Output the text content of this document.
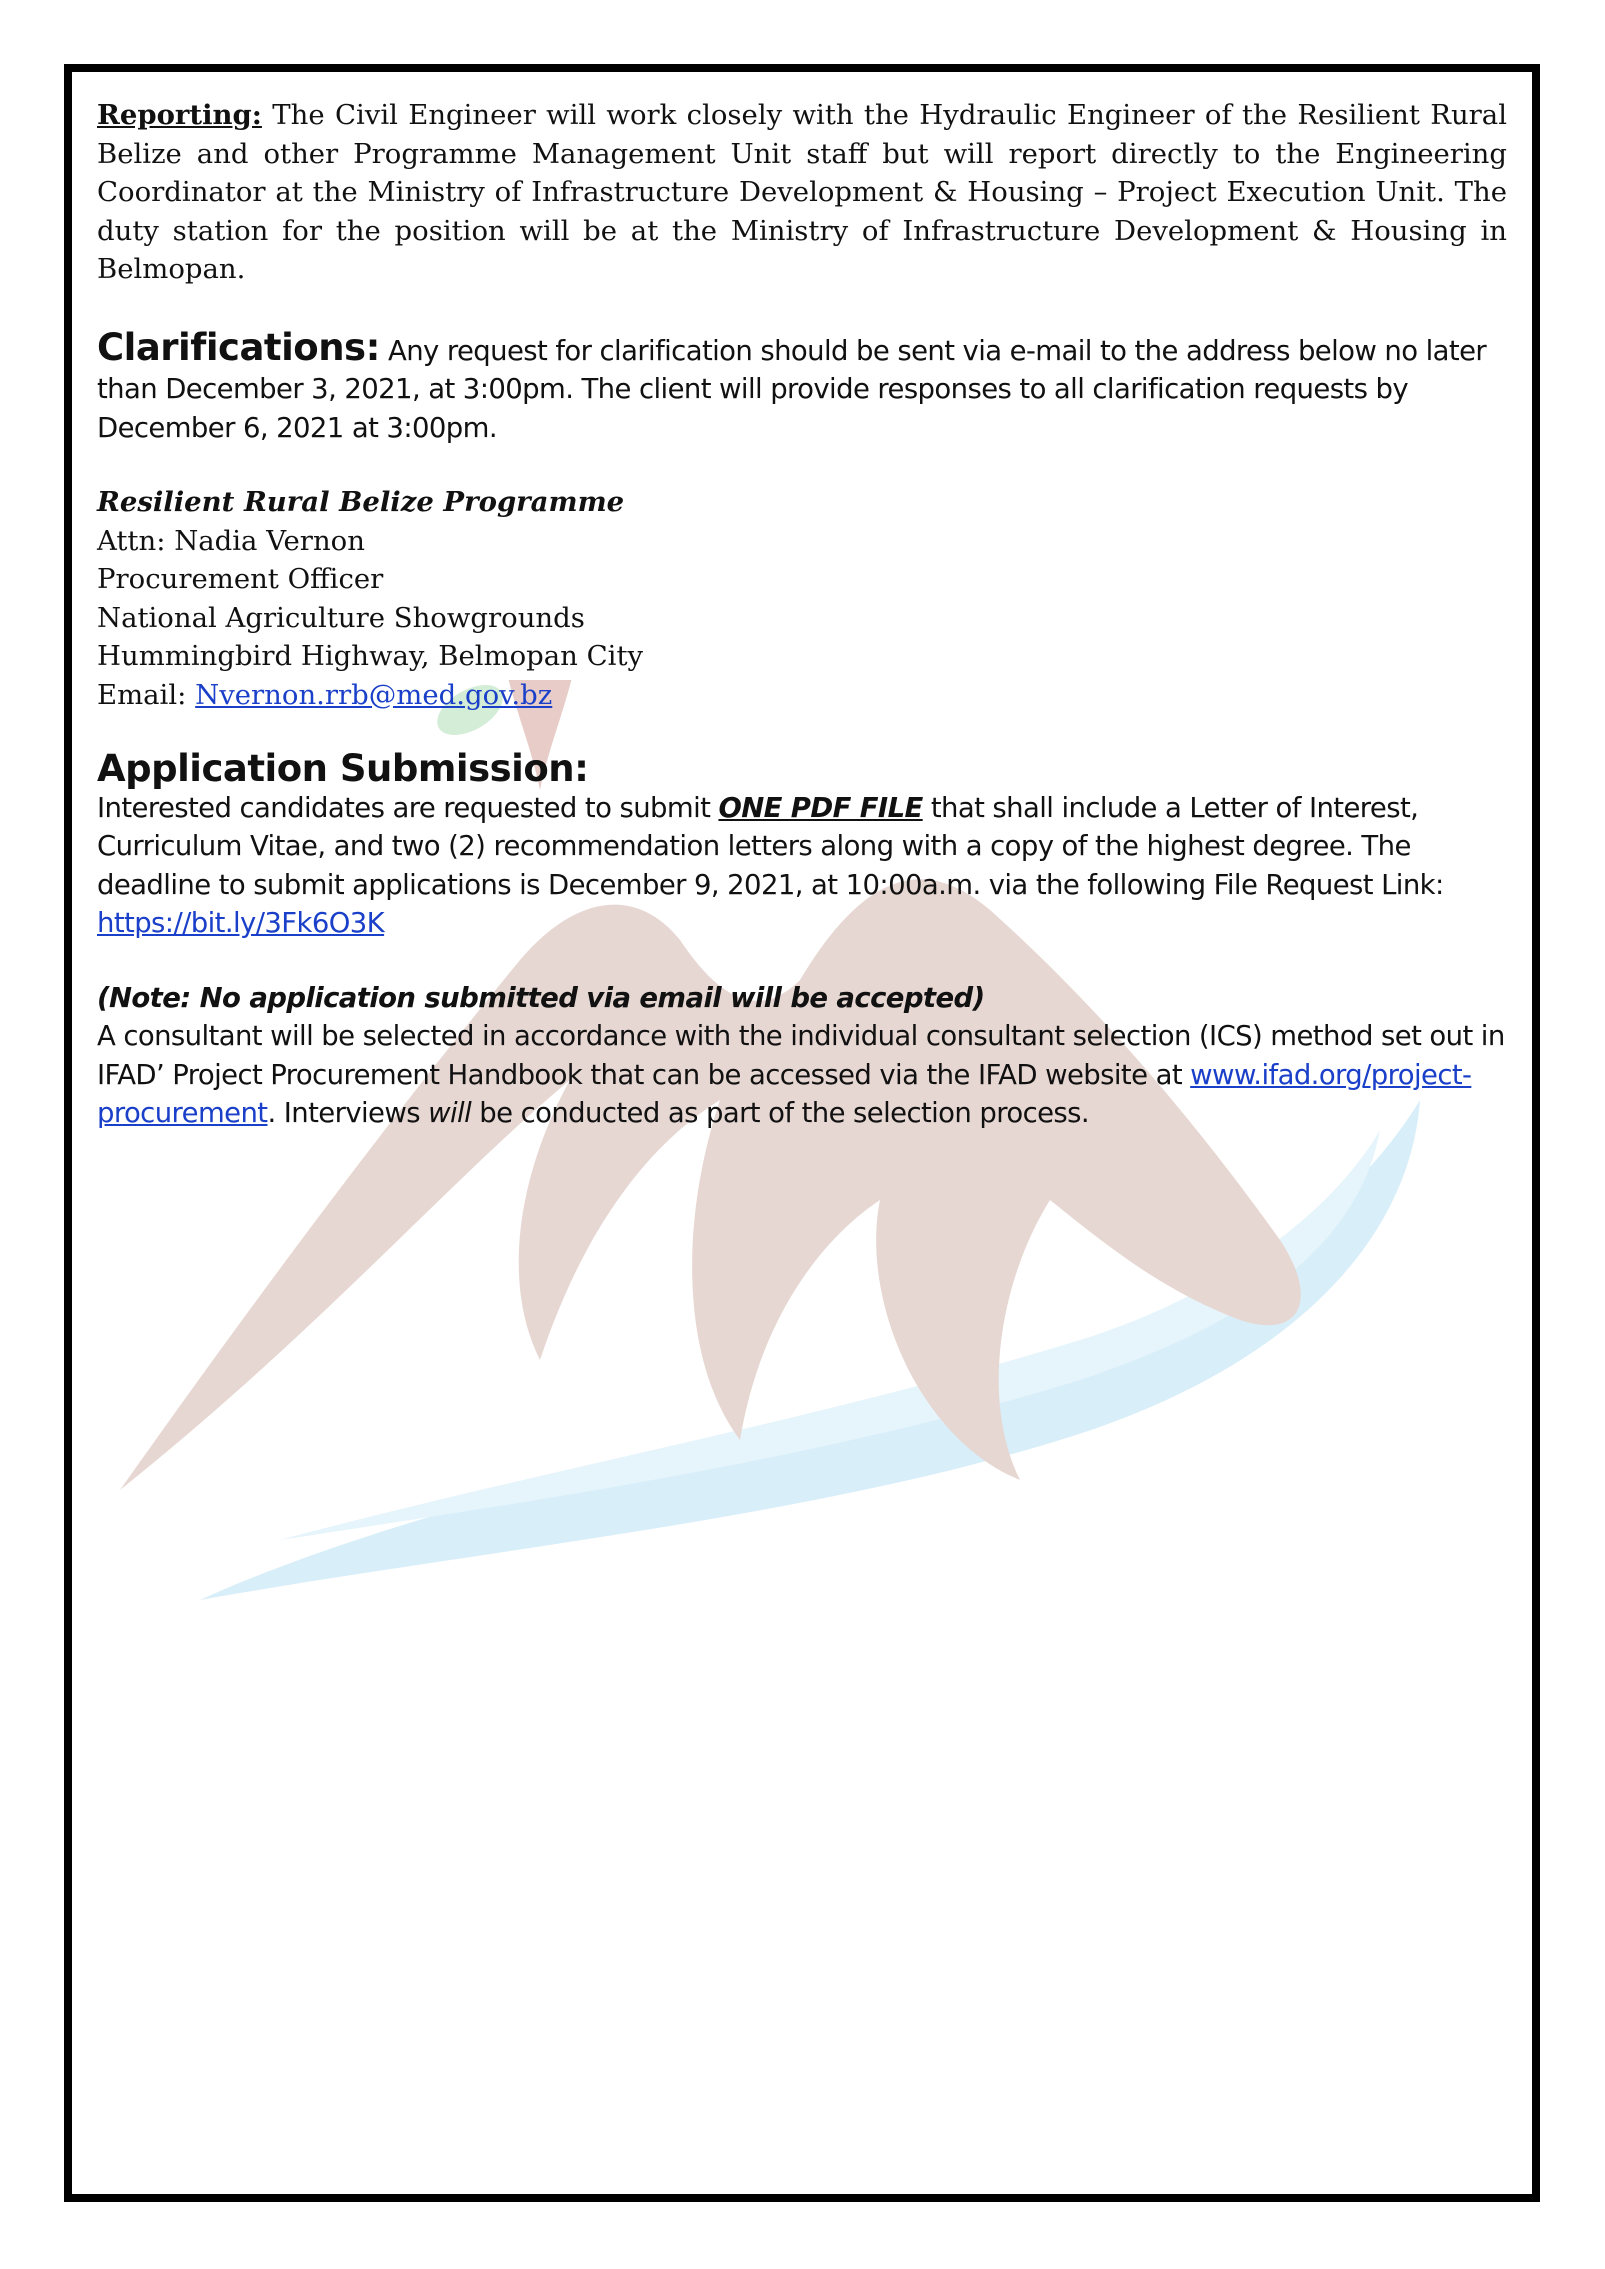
Reporting: The Civil Engineer will work closely with the Hydraulic Engineer of the Resilient Rural Belize and other Programme Management Unit staff but will report directly to the Engineering Coordinator at the Ministry of Infrastructure Development & Housing – Project Execution Unit. The duty station for the position will be at the Ministry of Infrastructure Development & Housing in Belmopan.

Clarifications: Any request for clarification should be sent via e-mail to the address below no later than December 3, 2021, at 3:00pm. The client will provide responses to all clarification requests by December 6, 2021 at 3:00pm.

Resilient Rural Belize Programme

Attn: Nadia Vernon

Procurement Officer

National Agriculture Showgrounds

Hummingbird Highway, Belmopan City

Email: Nvernon.rrb@med.gov.bz

Application Submission:

Interested candidates are requested to submit ONE PDF FILE that shall include a Letter of Interest, Curriculum Vitae, and two (2) recommendation letters along with a copy of the highest degree. The deadline to submit applications is December 9, 2021, at 10:00a.m. via the following File Request Link:

https://bit.ly/3Fk6O3K

(Note: No application submitted via email will be accepted)

A consultant will be selected in accordance with the individual consultant selection (ICS) method set out in IFAD’ Project Procurement Handbook that can be accessed via the IFAD website at www.ifad.org/project-procurement. Interviews will be conducted as part of the selection process.
